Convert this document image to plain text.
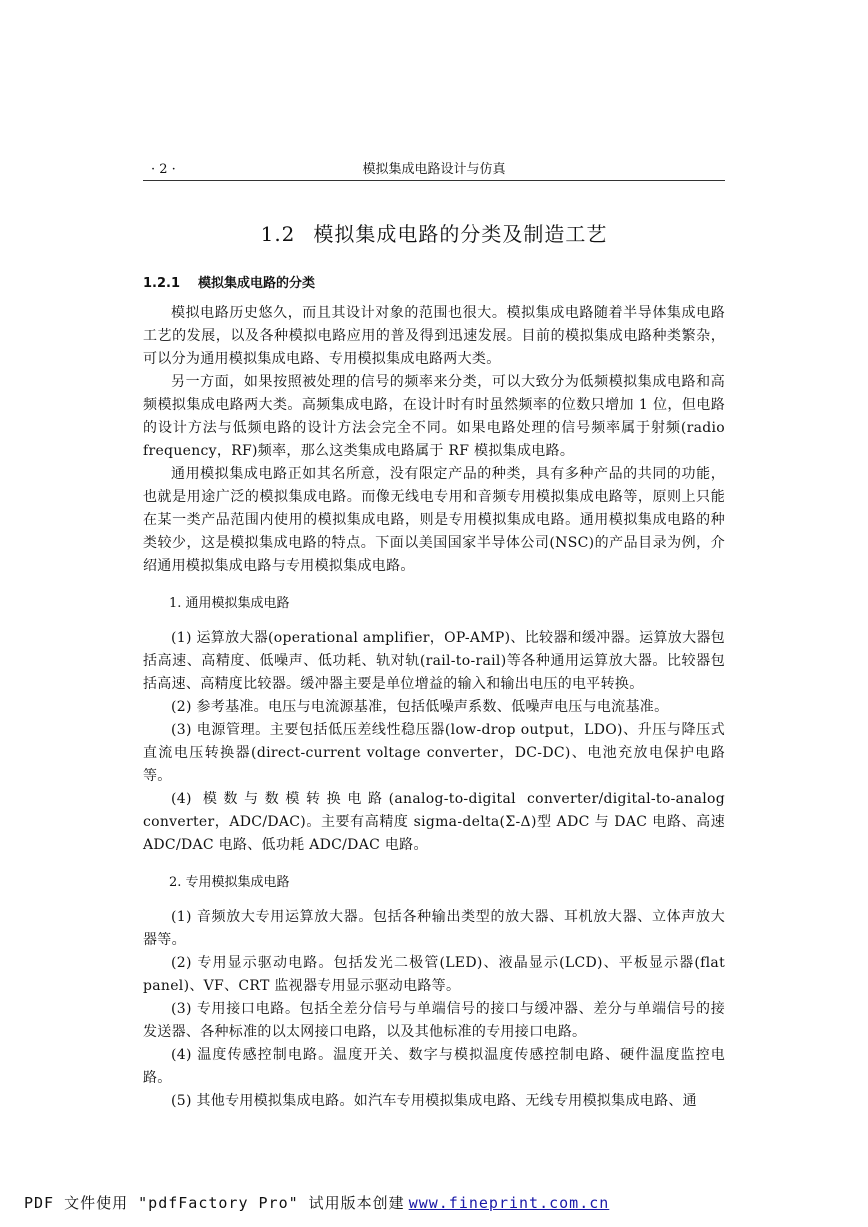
· 2 ·	模拟集成电路设计与仿真
1.2 模拟集成电路的分类及制造工艺
1.2.1 模拟集成电路的分类

模拟电路历史悠久，而且其设计对象的范围也很大。模拟集成电路随着半导体集成电路工艺的发展，以及各种模拟电路应用的普及得到迅速发展。目前的模拟集成电路种类繁杂，可以分为通用模拟集成电路、专用模拟集成电路两大类。

另一方面，如果按照被处理的信号的频率来分类，可以大致分为低频模拟集成电路和高频模拟集成电路两大类。高频集成电路，在设计时有时虽然频率的位数只增加 1 位，但电路的设计方法与低频电路的设计方法会完全不同。如果电路处理的信号频率属于射频(radio frequency，RF)频率，那么这类集成电路属于 RF 模拟集成电路。

通用模拟集成电路正如其名所意，没有限定产品的种类，具有多种产品的共同的功能，也就是用途广泛的模拟集成电路。而像无线电专用和音频专用模拟集成电路等，原则上只能在某一类产品范围内使用的模拟集成电路，则是专用模拟集成电路。通用模拟集成电路的种类较少，这是模拟集成电路的特点。下面以美国国家半导体公司(NSC)的产品目录为例，介绍通用模拟集成电路与专用模拟集成电路。

1. 通用模拟集成电路

(1) 运算放大器(operational amplifier，OP-AMP)、比较器和缓冲器。运算放大器包括高速、高精度、低噪声、低功耗、轨对轨(rail-to-rail)等各种通用运算放大器。比较器包括高速、高精度比较器。缓冲器主要是单位增益的输入和输出电压的电平转换。

(2) 参考基准。电压与电流源基准，包括低噪声系数、低噪声电压与电流基准。

(3) 电源管理。主要包括低压差线性稳压器(low-drop output，LDO)、升压与降压式直流电压转换器(direct-current voltage converter，DC-DC)、电池充放电保护电路等。

(4) 模数与数模转换电路(analog-to-digital converter/digital-to-analog converter，ADC/DAC)。主要有高精度 sigma-delta(Σ-Δ)型 ADC 与 DAC 电路、高速 ADC/DAC 电路、低功耗 ADC/DAC 电路。

2. 专用模拟集成电路

(1) 音频放大专用运算放大器。包括各种输出类型的放大器、耳机放大器、立体声放大器等。

(2) 专用显示驱动电路。包括发光二极管(LED)、液晶显示(LCD)、平板显示器(flat panel)、VF、CRT 监视器专用显示驱动电路等。

(3) 专用接口电路。包括全差分信号与单端信号的接口与缓冲器、差分与单端信号的接发送器、各种标准的以太网接口电路，以及其他标准的专用接口电路。

(4) 温度传感控制电路。温度开关、数字与模拟温度传感控制电路、硬件温度监控电路。

(5) 其他专用模拟集成电路。如汽车专用模拟集成电路、无线专用模拟集成电路、通

PDF 文件使用 "pdfFactory Pro" 试用版本创建 www.fineprint.com.cn
